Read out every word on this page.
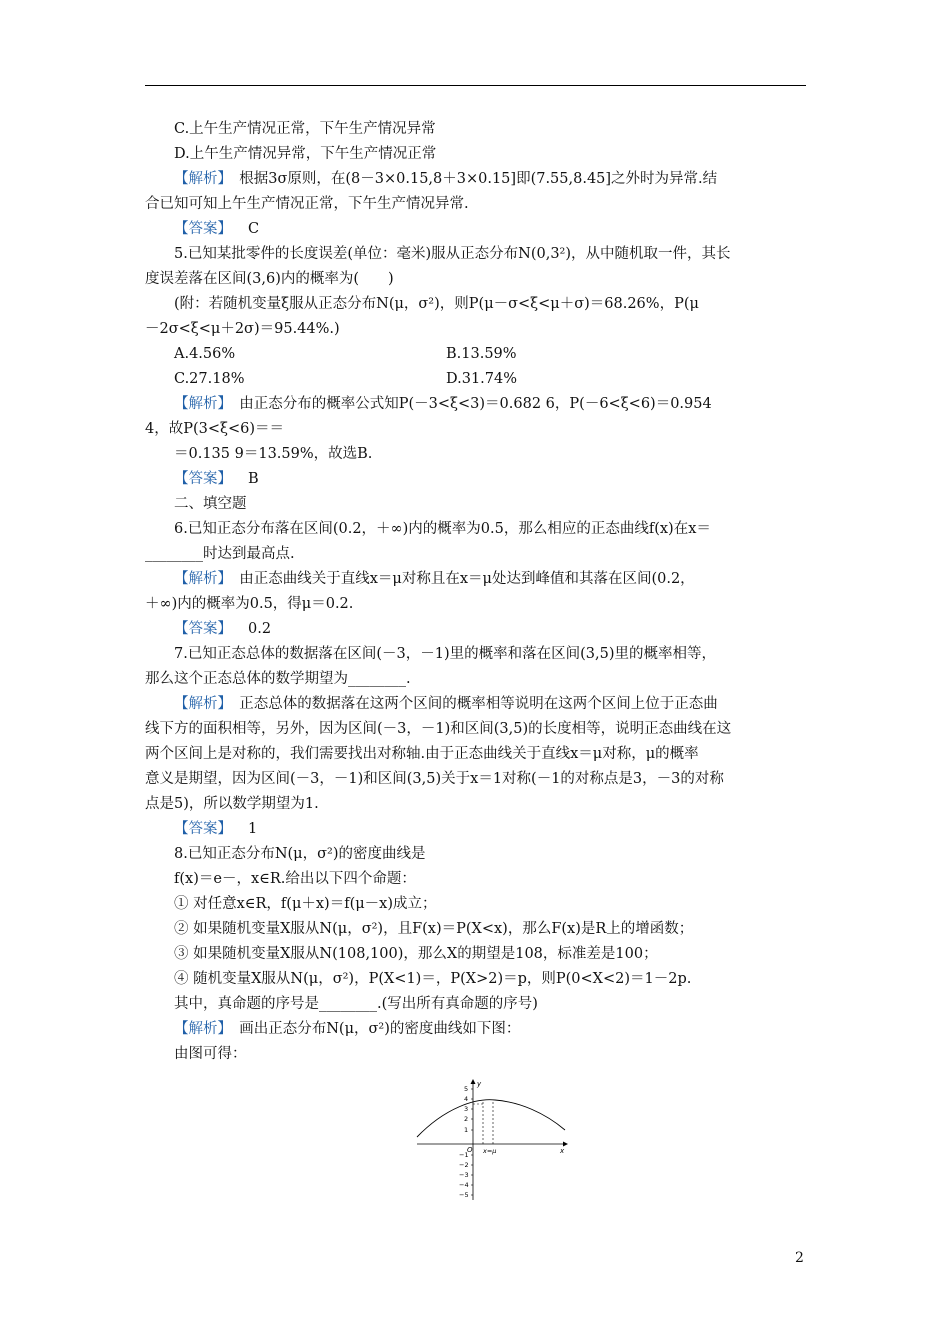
C.上午生产情况正常，下午生产情况异常
D.上午生产情况异常，下午生产情况正常
【解析】　 根据3σ原则，在(8－3×0.15,8＋3×0.15]即(7.55,8.45]之外时为异常.结
合已知可知上午生产情况正常，下午生产情况异常.
【答案】 C
5.已知某批零件的长度误差(单位：毫米)服从正态分布N(0,3²)，从中随机取一件，其长
度误差落在区间(3,6)内的概率为(　　)
(附：若随机变量ξ服从正态分布N(μ，σ²)，则P(μ－σ<ξ<μ＋σ)＝68.26%，P(μ
－2σ<ξ<μ＋2σ)＝95.44%.)
A.4.56%	B.13.59%
C.27.18%	D.31.74%
【解析】　 由正态分布的概率公式知P(－3<ξ<3)＝0.682 6，P(－6<ξ<6)＝0.954
4，故P(3<ξ<6)＝＝
＝0.135 9＝13.59%，故选B.
【答案】 B
二、填空题
6.已知正态分布落在区间(0.2，＋∞)内的概率为0.5，那么相应的正态曲线f(x)在x＝
________时达到最高点.
【解析】　 由正态曲线关于直线x＝μ对称且在x＝μ处达到峰值和其落在区间(0.2，
＋∞)内的概率为0.5，得μ＝0.2.
【答案】 0.2
7.已知正态总体的数据落在区间(－3，－1)里的概率和落在区间(3,5)里的概率相等，
那么这个正态总体的数学期望为________.
【解析】　 正态总体的数据落在这两个区间的概率相等说明在这两个区间上位于正态曲
线下方的面积相等，另外，因为区间(－3，－1)和区间(3,5)的长度相等，说明正态曲线在这
两个区间上是对称的，我们需要找出对称轴.由于正态曲线关于直线x＝μ对称，μ的概率
意义是期望，因为区间(－3，－1)和区间(3,5)关于x＝1对称(－1的对称点是3，－3的对称
点是5)，所以数学期望为1.
【答案】 1
8.已知正态分布N(μ，σ²)的密度曲线是
f(x)＝e－，x∈R.给出以下四个命题：
① 对任意x∈R，f(μ＋x)＝f(μ－x)成立；
② 如果随机变量X服从N(μ，σ²)，且F(x)＝P(X<x)，那么F(x)是R上的增函数；
③ 如果随机变量X服从N(108,100)，那么X的期望是108，标准差是100；
④ 随机变量X服从N(μ，σ²)，P(X<1)＝，P(X>2)＝p，则P(0<X<2)＝1－2p.
其中，真命题的序号是________.(写出所有真命题的序号)
【解析】　 画出正态分布N(μ，σ²)的密度曲线如下图：
由图可得：
y
x
O
5
4
3
2
1
−1
−2
−3
−4
−5
x=μ
2
